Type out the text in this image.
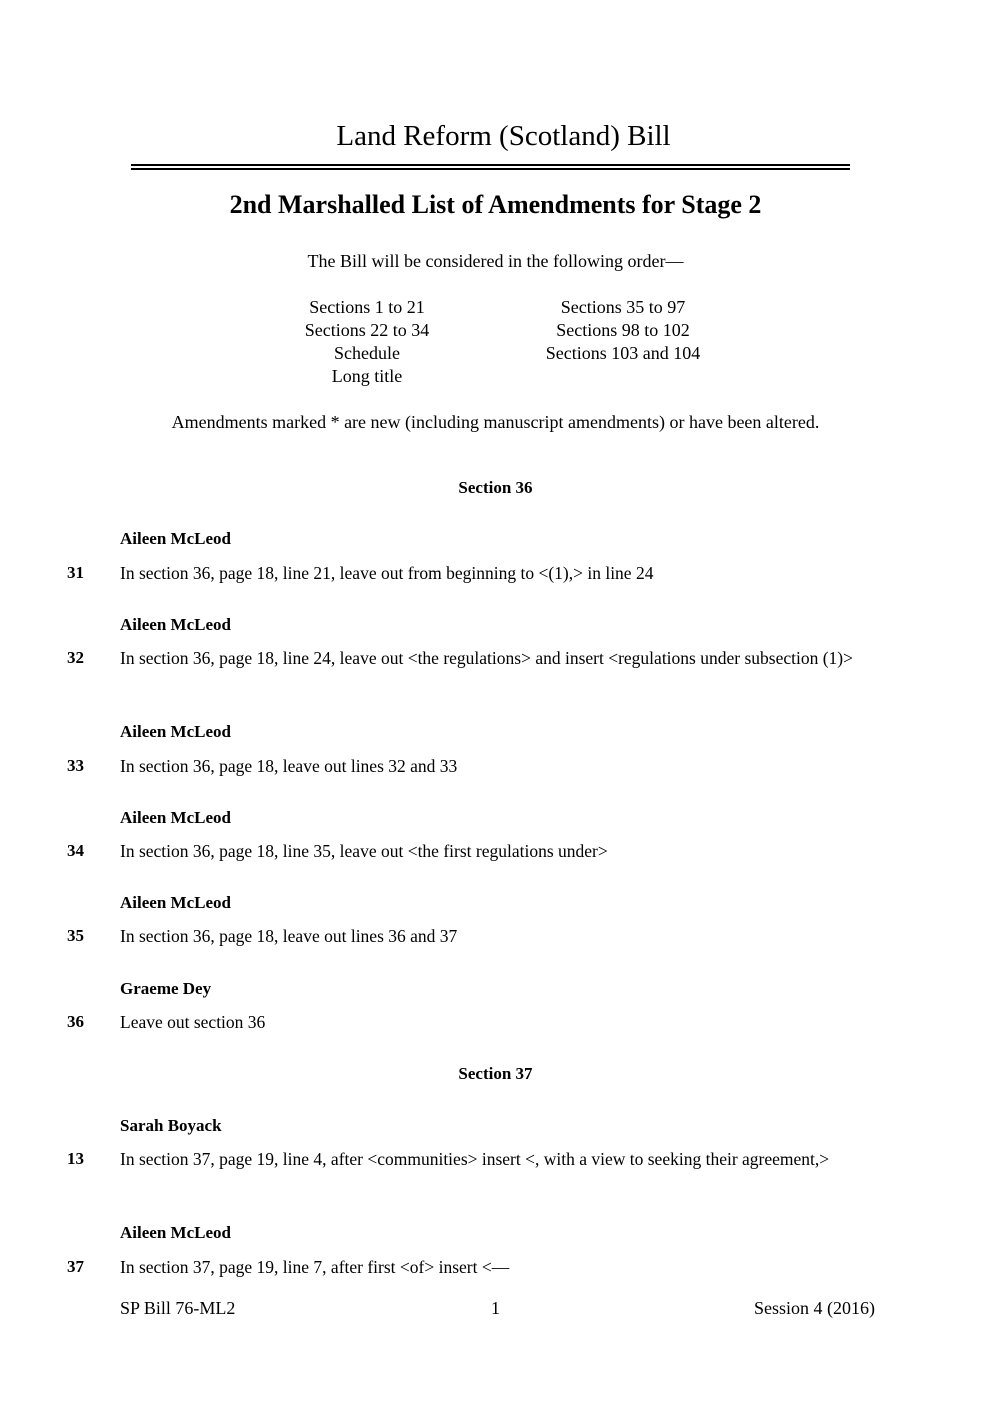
Land Reform (Scotland) Bill
2nd Marshalled List of Amendments for Stage 2
The Bill will be considered in the following order—
Sections 1 to 21
Sections 22 to 34
Schedule
Long title
Sections 35 to 97
Sections 98 to 102
Sections 103 and 104
Amendments marked * are new (including manuscript amendments) or have been altered.
Section 36
Aileen McLeod
31 In section 36, page 18, line 21, leave out from beginning to <(1),> in line 24
Aileen McLeod
32 In section 36, page 18, line 24, leave out <the regulations> and insert <regulations under subsection (1)>
Aileen McLeod
33 In section 36, page 18, leave out lines 32 and 33
Aileen McLeod
34 In section 36, page 18, line 35, leave out <the first regulations under>
Aileen McLeod
35 In section 36, page 18, leave out lines 36 and 37
Graeme Dey
36 Leave out section 36
Section 37
Sarah Boyack
13 In section 37, page 19, line 4, after <communities> insert <, with a view to seeking their agreement,>
Aileen McLeod
37 In section 37, page 19, line 7, after first <of> insert <—
SP Bill 76-ML2	1	Session 4 (2016)
